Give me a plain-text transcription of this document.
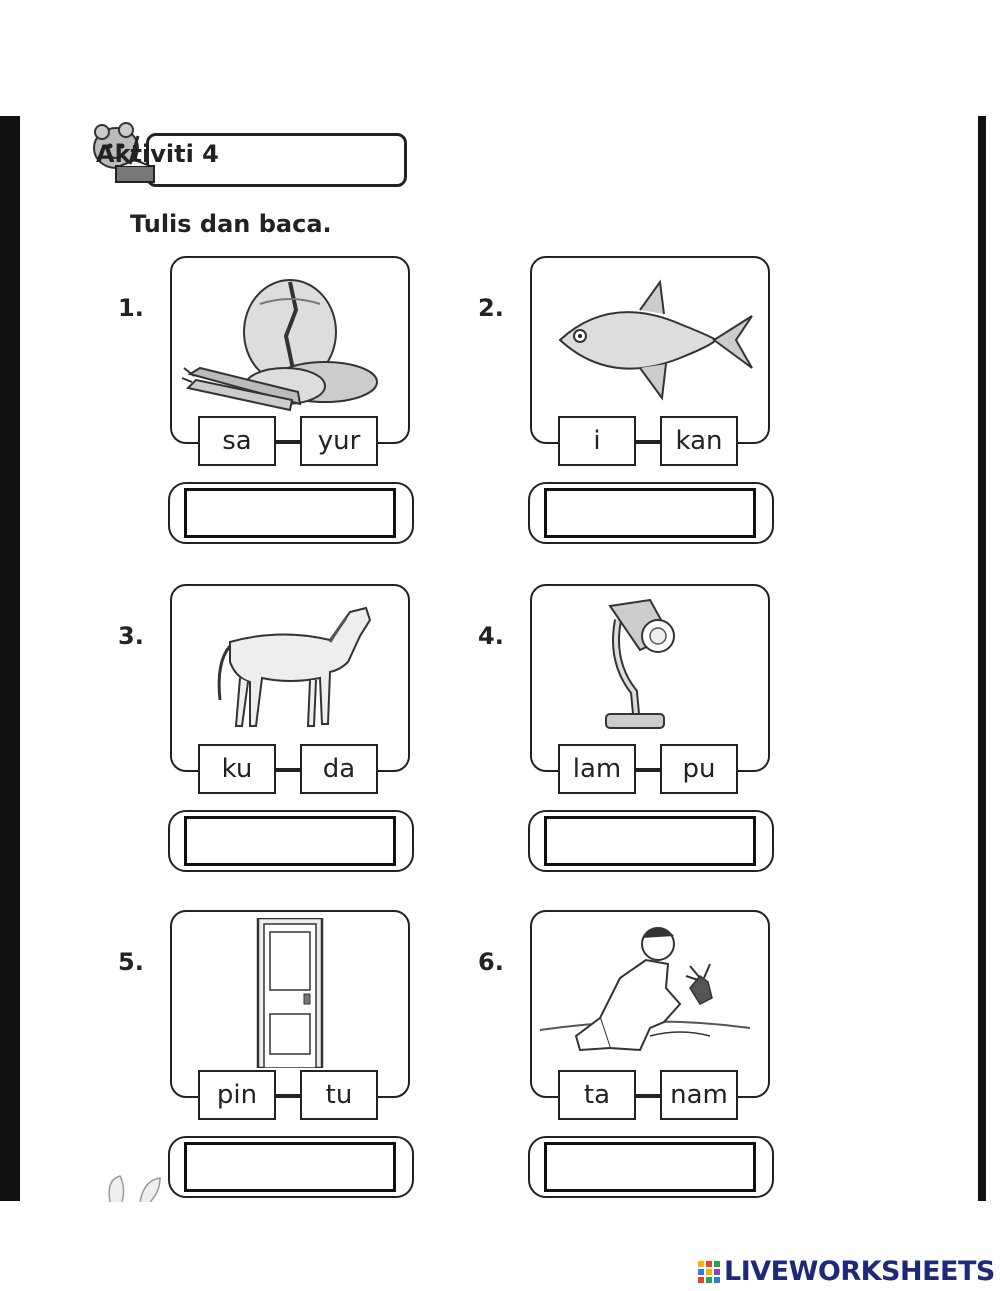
Aktiviti 4
Tulis dan baca.
1.
sa	yur
2.
i	kan
3.
ku	da
4.
lam	pu
5.
pin	tu
6.
ta	nam
LIVEWORKSHEETS
